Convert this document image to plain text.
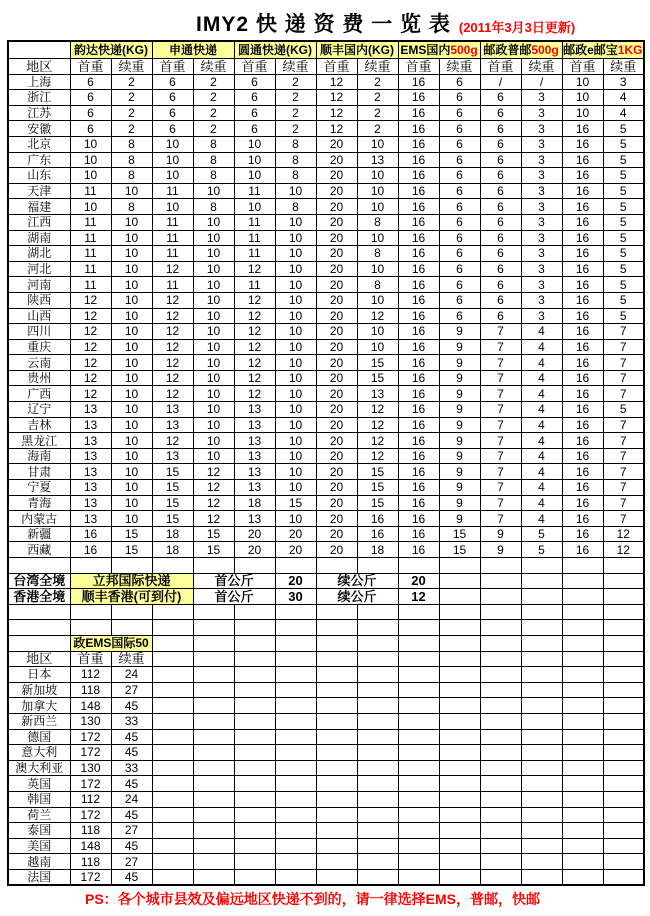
IMY2 快 递 资 费 一 览 表 (2011年3月3日更新)
	韵达快递(KG)		申通快递		圆通快递(KG)		顺丰国内(KG)		EMS国内500g		邮政普邮500g		邮政e邮宝1KG	
地区	首重	续重	首重	续重	首重	续重	首重	续重	首重	续重	首重	续重	首重	续重
上海	6	2	6	2	6	2	12	2	16	6	/	/	10	3
浙江	6	2	6	2	6	2	12	2	16	6	6	3	10	4
江苏	6	2	6	2	6	2	12	2	16	6	6	3	10	4
安徽	6	2	6	2	6	2	12	2	16	6	6	3	16	5
北京	10	8	10	8	10	8	20	10	16	6	6	3	16	5
广东	10	8	10	8	10	8	20	13	16	6	6	3	16	5
山东	10	8	10	8	10	8	20	10	16	6	6	3	16	5
天津	11	10	11	10	11	10	20	10	16	6	6	3	16	5
福建	10	8	10	8	10	8	20	10	16	6	6	3	16	5
江西	11	10	11	10	11	10	20	8	16	6	6	3	16	5
湖南	11	10	11	10	11	10	20	10	16	6	6	3	16	5
湖北	11	10	11	10	11	10	20	8	16	6	6	3	16	5
河北	11	10	12	10	12	10	20	10	16	6	6	3	16	5
河南	11	10	11	10	11	10	20	8	16	6	6	3	16	5
陕西	12	10	12	10	12	10	20	10	16	6	6	3	16	5
山西	12	10	12	10	12	10	20	12	16	6	6	3	16	5
四川	12	10	12	10	12	10	20	10	16	9	7	4	16	7
重庆	12	10	12	10	12	10	20	10	16	9	7	4	16	7
云南	12	10	12	10	12	10	20	15	16	9	7	4	16	7
贵州	12	10	12	10	12	10	20	15	16	9	7	4	16	7
广西	12	10	12	10	12	10	20	13	16	9	7	4	16	7
辽宁	13	10	13	10	13	10	20	12	16	9	7	4	16	5
吉林	13	10	13	10	13	10	20	12	16	9	7	4	16	7
黑龙江	13	10	12	10	13	10	20	12	16	9	7	4	16	7
海南	13	10	13	10	13	10	20	12	16	9	7	4	16	7
甘肃	13	10	15	12	13	10	20	15	16	9	7	4	16	7
宁夏	13	10	15	12	13	10	20	15	16	9	7	4	16	7
青海	13	10	15	12	18	15	20	15	16	9	7	4	16	7
内蒙古	13	10	15	12	13	10	20	16	16	9	7	4	16	7
新疆	16	15	18	15	20	20	20	16	16	15	9	5	16	12
西藏	16	15	18	15	20	20	20	18	16	15	9	5	16	12

台湾全境	立邦国际快递			首公斤		20	续公斤		20					
香港全境	顺丰香港(可到付)			首公斤		30	续公斤		12					

	政EMS国际50													
地区	首重	续重												
日本	112	24												
新加坡	118	27												
加拿大	148	45												
新西兰	130	33												
德国	172	45												
意大利	172	45												
澳大利亚	130	33												
英国	172	45												
韩国	112	24												
荷兰	172	45												
泰国	118	27												
美国	148	45												
越南	118	27												
法国	172	45												
PS：各个城市县效及偏远地区快递不到的，请一律选择EMS，普邮，快邮
